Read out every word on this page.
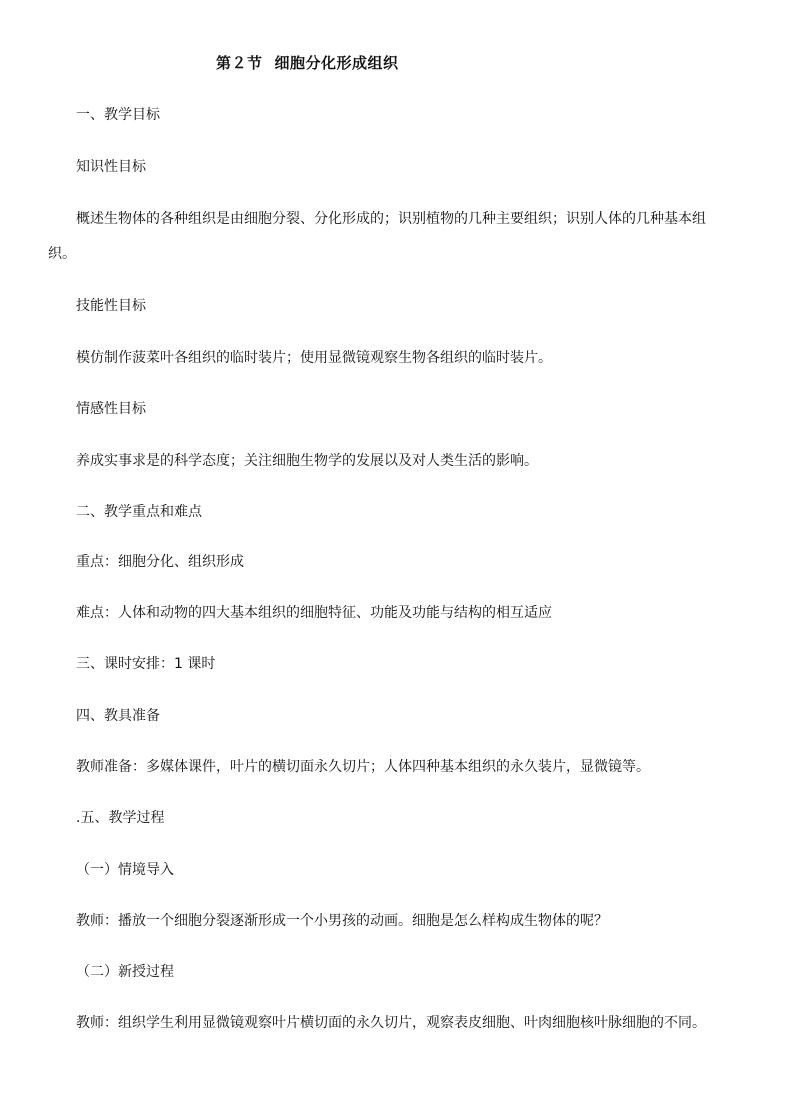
第２节 细胞分化形成组织
一、教学目标
知识性目标
概述生物体的各种组织是由细胞分裂、分化形成的；识别植物的几种主要组织；识别人体的几种基本组
织。
技能性目标
模仿制作菠菜叶各组织的临时装片；使用显微镜观察生物各组织的临时装片。
情感性目标
养成实事求是的科学态度；关注细胞生物学的发展以及对人类生活的影响。
二、教学重点和难点
重点：细胞分化、组织形成
难点：人体和动物的四大基本组织的细胞特征、功能及功能与结构的相互适应
三、课时安排：1 课时
四、教具准备
教师准备：多媒体课件，叶片的横切面永久切片；人体四种基本组织的永久装片，显微镜等。
.五、教学过程
（一）情境导入
教师：播放一个细胞分裂逐渐形成一个小男孩的动画。细胞是怎么样构成生物体的呢？
（二）新授过程
教师：组织学生利用显微镜观察叶片横切面的永久切片，观察表皮细胞、叶肉细胞核叶脉细胞的不同。
